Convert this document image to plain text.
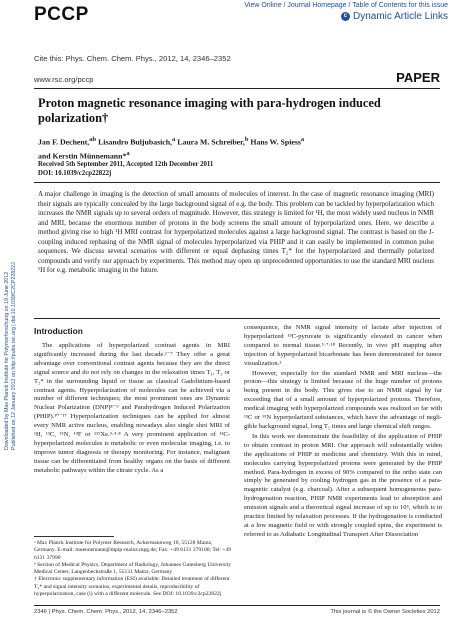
PCCP	View Online / Journal Homepage / Table of Contents for this issue
c Dynamic Article Links
Cite this: Phys. Chem. Chem. Phys., 2012, 14, 2346–2352
www.rsc.org/pccp	PAPER
Proton magnetic resonance imaging with para-hydrogen induced polarization†
Jan F. Dechent,$^{ab}$ Lisandro Buljubasich,$^a$ Laura M. Schreiber,$^b$ Hans W. Spiess$^a$
and Kerstin Münnemann*$^a$
Received 5th September 2011, Accepted 12th December 2011
DOI: 10.1039/c2cp22822j
A major challenge in imaging is the detection of small amounts of molecules of interest. In the case of magnetic resonance imaging (MRI) their signals are typically concealed by the large background signal of e.g. the body. This problem can be tackled by hyperpolarization which increases the NMR signals up to several orders of magnitude. However, this strategy is limited for ¹H, the most widely used nucleus in NMR and MRI, because the enormous number of protons in the body screens the small amount of hyperpolarized ones. Here, we describe a method giving rise to high ¹H MRI contrast for hyperpolarized molecules against a large background signal. The contrast is based on the J-coupling induced rephasing of the NMR signal of molecules hyperpolarized via PHIP and it can easily be implemented in common pulse sequences. We discuss several scenarios with different or equal dephasing times T₂* for the hyperpolarized and thermally polarized compounds and verify our approach by experiments. This method may open up unprecedented opportunities to use the standard MRI nucleus ¹H for e.g. metabolic imaging in the future.
Downloaded by Max Planck Institute for Polymerforschung on 19 June 2012 Published on 12 January 2012 on http://pubs.rsc.org | doi:10.1039/C2CP22822J Introduction

The applications of hyperpolarized contrast agents in MRI significantly increased during the last decade.¹⁻⁷ They offer a great advantage over conventional contrast agents because they are the direct signal source and do not rely on changes in the relaxation times T₁, T₂ or T₂* in the surrounding liquid or tissue as classical Gadolinium-based contrast agents. Hyperpolarization of molecules can be achieved via a number of different techniques; the most prominent ones are Dynamic Nuclear Polarization (DNP)⁸⁻⁹ and Parahydrogen Induced Polarization (PHIP).¹⁰⁻¹⁷ Hyperpolarization techniques can be applied for almost every NMR active nucleus, enabling nowadays also single shot MRI of ¹H, ¹³C, ¹⁵N, ¹⁹F or ¹²⁹Xe.³·⁴·⁸ A very prominent application of ¹³C-hyperpolarized molecules is metabolic or even molecular imaging, i.e. to improve tumor diagnosis or therapy monitoring. For instance, malignant tissue can be differentiated from healthy organs on the basis of different metabolic pathways within the citrate cycle. As a

ᵃ Max Planck Institute for Polymer Research, Ackermannweg 10, 55128 Mainz, Germany. E-mail: muennemann@mpip-mainz.mpg.de; Fax: +49 6131 379100; Tel: +49 6131 37990

ᵇ Section of Medical Physics, Department of Radiology, Johannes Gutenberg University Medical Center, Langenbeckstraße 1, 55131 Mainz, Germany

† Electronic supplementary information (ESI) available: Detailed treatment of different T₂* and signal intensity scenarios, experimental details, reproducibility of hyperpolarization, case (i) with a different molecule. See DOI: 10.1039/c2cp22822j

consequence, the NMR signal intensity of lactate after injection of hyperpolarized ¹³C-pyruvate is significantly elevated in cancer when compared to normal tissue.⁵·⁷·¹⁸ Recently, in vivo pH mapping after injection of hyperpolarized bicarbonate has been demonstrated for tumor visualization.²

However, especially for the standard NMR and MRI nucleus—the proton—this strategy is limited because of the huge number of protons being present in the body. This gives rise to an NMR signal by far exceeding that of a small amount of hyperpolarized protons. Therefore, medical imaging with hyperpolarized compounds was realized so far with ¹³C or ¹⁵N hyperpolarized substances, which have the advantage of negligible background signal, long T₁ times and large chemical shift ranges.

In this work we demonstrate the feasibility of the application of PHIP to obtain contrast in proton MRI. Our approach will substantially widen the applications of PHIP in medicine and chemistry. With this in mind, molecules carrying hyperpolarized protons were generated by the PHIP method. Para-hydrogen in excess of 90% compared to the ortho state can simply be generated by cooling hydrogen gas in the presence of a paramagnetic catalyst (e.g. charcoal). After a subsequent homogeneous para-hydrogenation reaction, PHIP NMR experiments lead to absorption and emission signals and a theoretical signal increase of up to 10⁵, which is in practice limited by relaxation processes. If the hydrogenation is conducted at a low magnetic field or with strongly coupled spins, the experiment is referred to as Adiabatic Longitudinal Transport After Dissociation

2346 | Phys. Chem. Chem. Phys., 2012, 14, 2346–2352	This journal is © the Owner Societies 2012
